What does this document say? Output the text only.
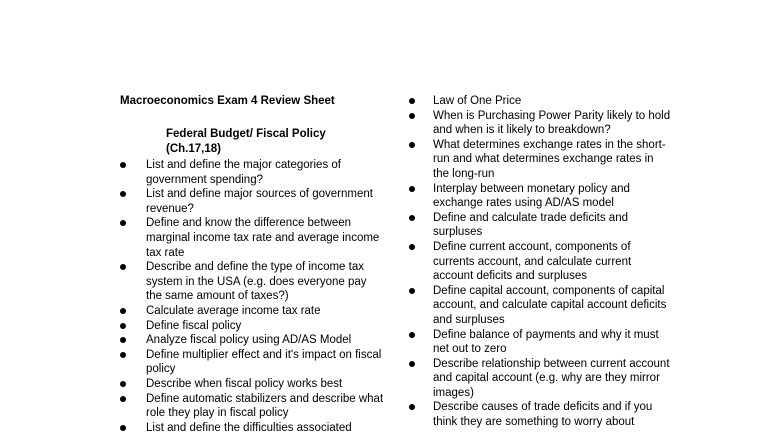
Macroeconomics Exam 4 Review Sheet

Federal Budget/ Fiscal Policy
(Ch.17,18)
List and define the major categories of government spending?
List and define major sources of government revenue?
Define and know the difference between marginal income tax rate and average income tax rate
Describe and define the type of income tax system in the USA (e.g. does everyone pay the same amount of taxes?)
Calculate average income tax rate
Define fiscal policy
Analyze fiscal policy using AD/AS Model
Define multiplier effect and it's impact on fiscal policy
Describe when fiscal policy works best
Define automatic stabilizers and describe what role they play in fiscal policy
List and define the difficulties associated
Law of One Price
When is Purchasing Power Parity likely to hold and when is it likely to breakdown?
What determines exchange rates in the short-run and what determines exchange rates in the long-run
Interplay between monetary policy and exchange rates using AD/AS model
Define and calculate trade deficits and surpluses
Define current account, components of currents account, and calculate current account deficits and surpluses
Define capital account, components of capital account, and calculate capital account deficits and surpluses
Define balance of payments and why it must net out to zero
Describe relationship between current account and capital account (e.g. why are they mirror images)
Describe causes of trade deficits and if you think they are something to worry about
